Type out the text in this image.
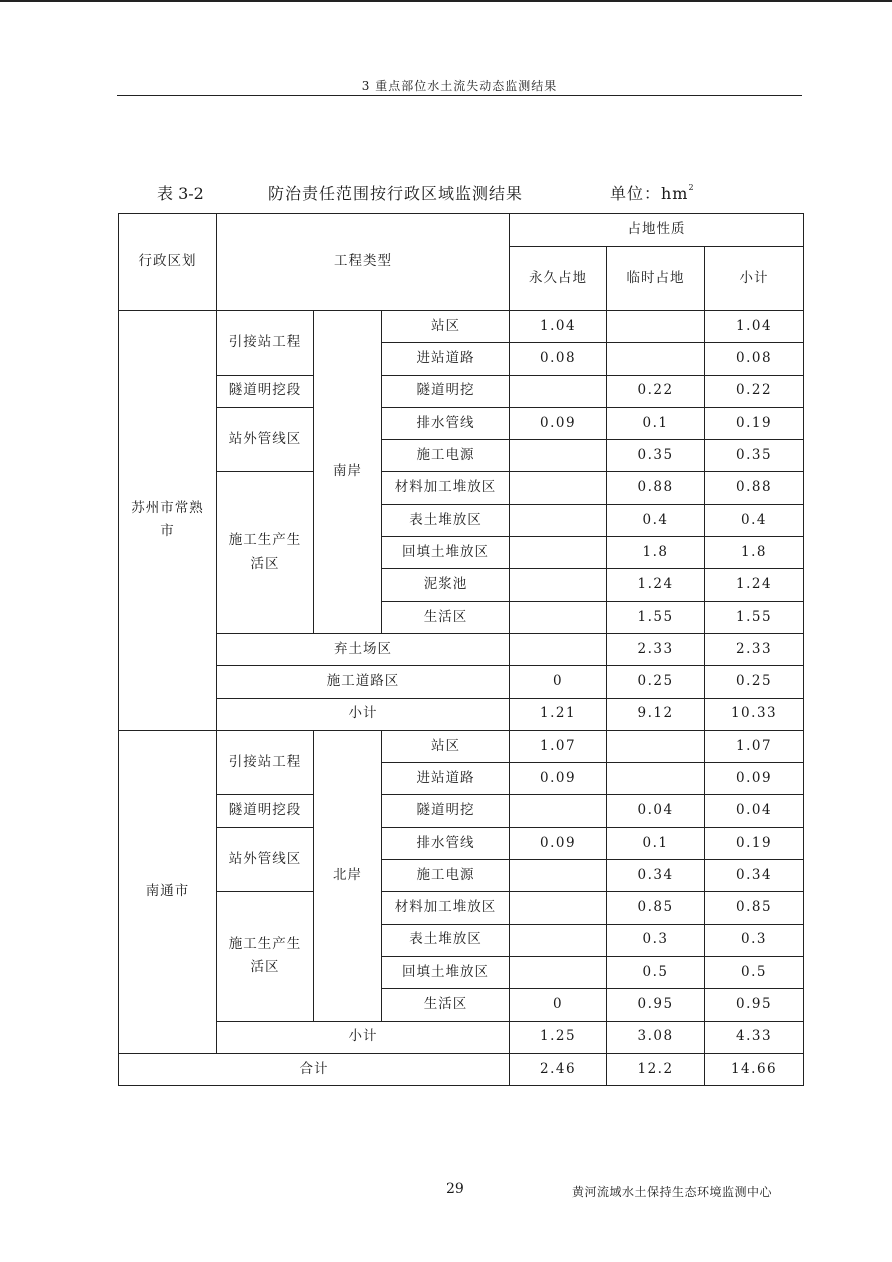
3 重点部位水土流失动态监测结果
表 3-2	防治责任范围按行政区域监测结果	单位：$hm^2$
行政区划	工程类型			占地性质		
				永久占地	临时占地	小计

苏州市常熟市	引接站工程	南岸	站区	1.04		1.04
			进站道路	0.08		0.08
	隧道明挖段		隧道明挖		0.22	0.22
	站外管线区		排水管线	0.09	0.1	0.19
			施工电源		0.35	0.35

	施工生产生活区		材料加工堆放区		0.88	0.88
			表土堆放区		0.4	0.4
			回填土堆放区		1.8	1.8
			泥浆池		1.24	1.24
			生活区		1.55	1.55
	弃土场区				2.33	2.33
	施工道路区			0	0.25	0.25
	小计			1.21	9.12	10.33
南通市	引接站工程	北岸	站区	1.07		1.07
			进站道路	0.09		0.09
	隧道明挖段		隧道明挖		0.04	0.04
	站外管线区		排水管线	0.09	0.1	0.19
			施工电源		0.34	0.34

	施工生产生活区		材料加工堆放区		0.85	0.85
			表土堆放区		0.3	0.3
			回填土堆放区		0.5	0.5
			生活区	0	0.95	0.95
	小计			1.25	3.08	4.33
合计				2.46	12.2	14.66
29	黄河流域水土保持生态环境监测中心
